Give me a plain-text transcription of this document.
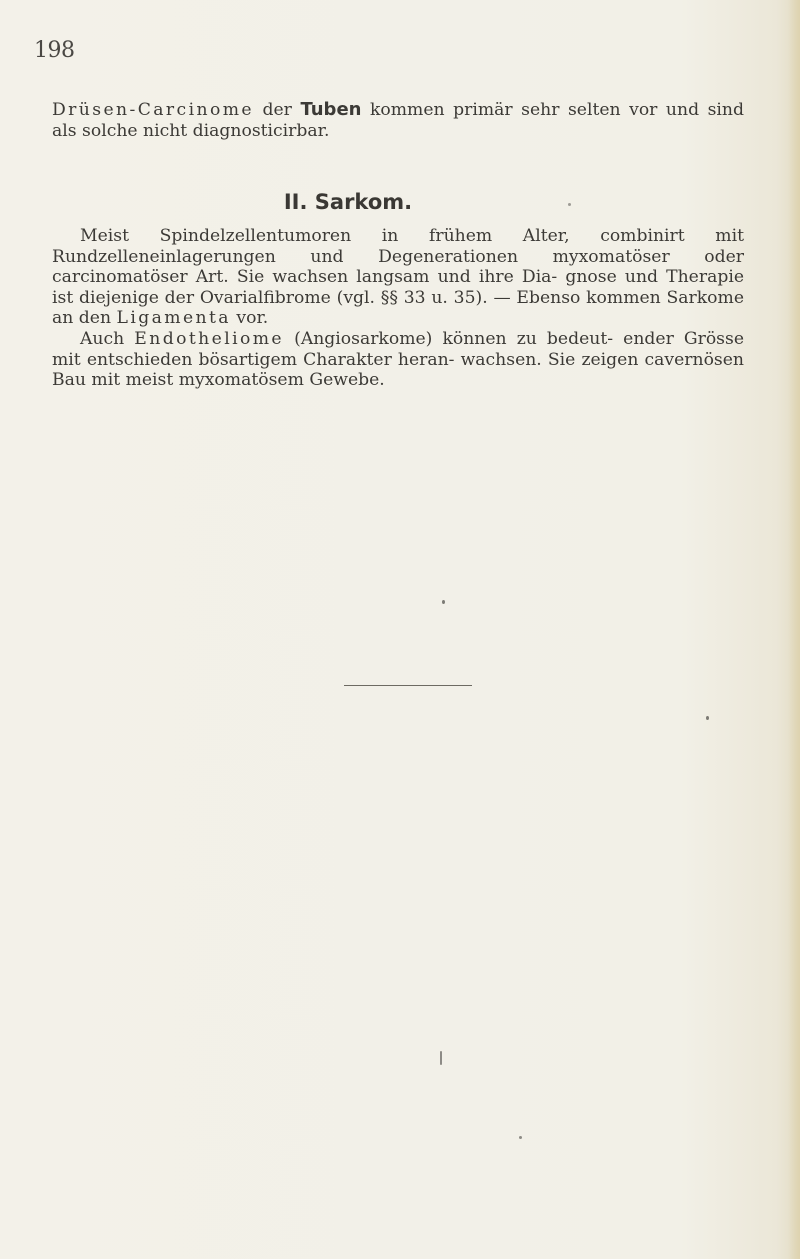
198
Drüsen-Carcinome der Tuben kommen primär sehr selten vor und sind als solche nicht diagnosticirbar.
II. Sarkom.

Meist Spindelzellentumoren in frühem Alter, combinirt mit Rundzelleneinlagerungen und Degenerationen myxomatöser oder carcinomatöser Art. Sie wachsen langsam und ihre Dia- gnose und Therapie ist diejenige der Ovarialfibrome (vgl. §§ 33 u. 35). — Ebenso kommen Sarkome an den Ligamenta vor.

Auch Endotheliome (Angiosarkome) können zu bedeut- ender Grösse mit entschieden bösartigem Charakter heran- wachsen. Sie zeigen cavernösen Bau mit meist myxomatösem Gewebe.
